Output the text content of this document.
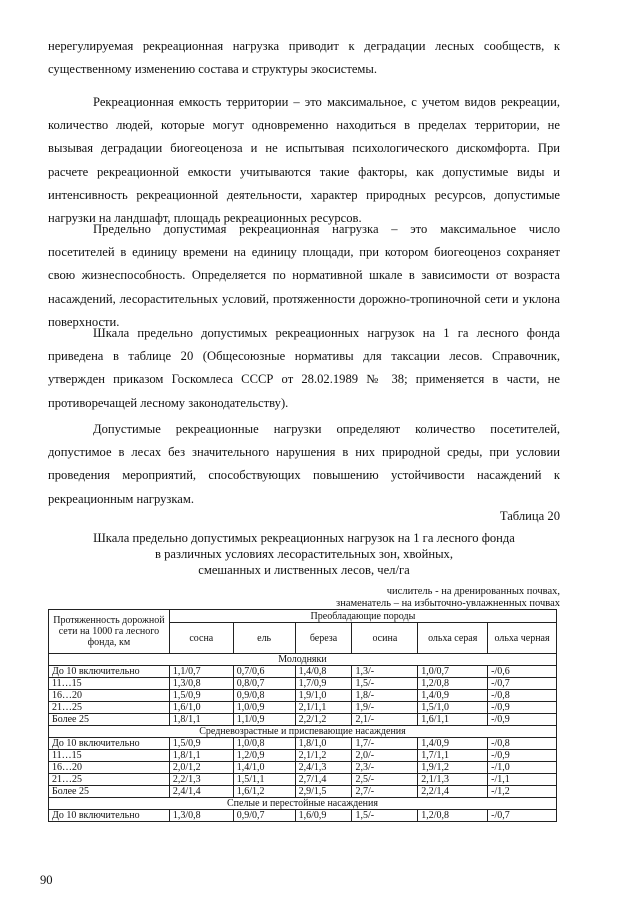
нерегулируемая рекреационная нагрузка приводит к деградации лесных сообществ, к существенному изменению состава и структуры экосистемы.

Рекреационная емкость территории – это максимальное, с учетом видов рекреации, количество людей, которые могут одновременно находиться в пределах территории, не вызывая деградации биогеоценоза и не испытывая психологического дискомфорта. При расчете рекреационной емкости учитываются такие факторы, как допустимые виды и интенсивность рекреационной деятельности, характер природных ресурсов, допустимые нагрузки на ландшафт, площадь рекреационных ресурсов.

Предельно допустимая рекреационная нагрузка – это максимальное число посетителей в единицу времени на единицу площади, при котором биогеоценоз сохраняет свою жизнеспособность. Определяется по нормативной шкале в зависимости от возраста насаждений, лесорастительных условий, протяженности дорожно-тропиночной сети и уклона поверхности.

Шкала предельно допустимых рекреационных нагрузок на 1 га лесного фонда приведена в таблице 20 (Общесоюзные нормативы для таксации лесов. Справочник, утвержден приказом Госкомлеса СССР от 28.02.1989 № 38; применяется в части, не противоречащей лесному законодательству).

Допустимые рекреационные нагрузки определяют количество посетителей, допустимое в лесах без значительного нарушения в них природной среды, при условии проведения мероприятий, способствующих повышению устойчивости насаждений к рекреационным нагрузкам.

Таблица 20
Шкала предельно допустимых рекреационных нагрузок на 1 га лесного фонда
в различных условиях лесорастительных зон, хвойных,
смешанных и лиственных лесов, чел/га
числитель - на дренированных почвах,
знаменатель – на избыточно-увлажненных почвах
Протяженность дорожной сети на 1000 га лесного фонда, км	Преобладающие породы					
	сосна	ель	береза	осина	ольха серая	ольха черная
Молодняки						
До 10 включительно	1,1/0,7	0,7/0,6	1,4/0,8	1,3/-	1,0/0,7	-/0,6
11…15	1,3/0,8	0,8/0,7	1,7/0,9	1,5/-	1,2/0,8	-/0,7
16…20	1,5/0,9	0,9/0,8	1,9/1,0	1,8/-	1,4/0,9	-/0,8
21…25	1,6/1,0	1,0/0,9	2,1/1,1	1,9/-	1,5/1,0	-/0,9
Более 25	1,8/1,1	1,1/0,9	2,2/1,2	2,1/-	1,6/1,1	-/0,9
Средневозрастные и приспевающие насаждения						
До 10 включительно	1,5/0,9	1,0/0,8	1,8/1,0	1,7/-	1,4/0,9	-/0,8
11…15	1,8/1,1	1,2/0,9	2,1/1,2	2,0/-	1,7/1,1	-/0,9
16…20	2,0/1,2	1,4/1,0	2,4/1,3	2,3/-	1,9/1,2	-/1,0
21…25	2,2/1,3	1,5/1,1	2,7/1,4	2,5/-	2,1/1,3	-/1,1
Более 25	2,4/1,4	1,6/1,2	2,9/1,5	2,7/-	2,2/1,4	-/1,2
Спелые и перестойные насаждения						
До 10 включительно	1,3/0,8	0,9/0,7	1,6/0,9	1,5/-	1,2/0,8	-/0,7
90
